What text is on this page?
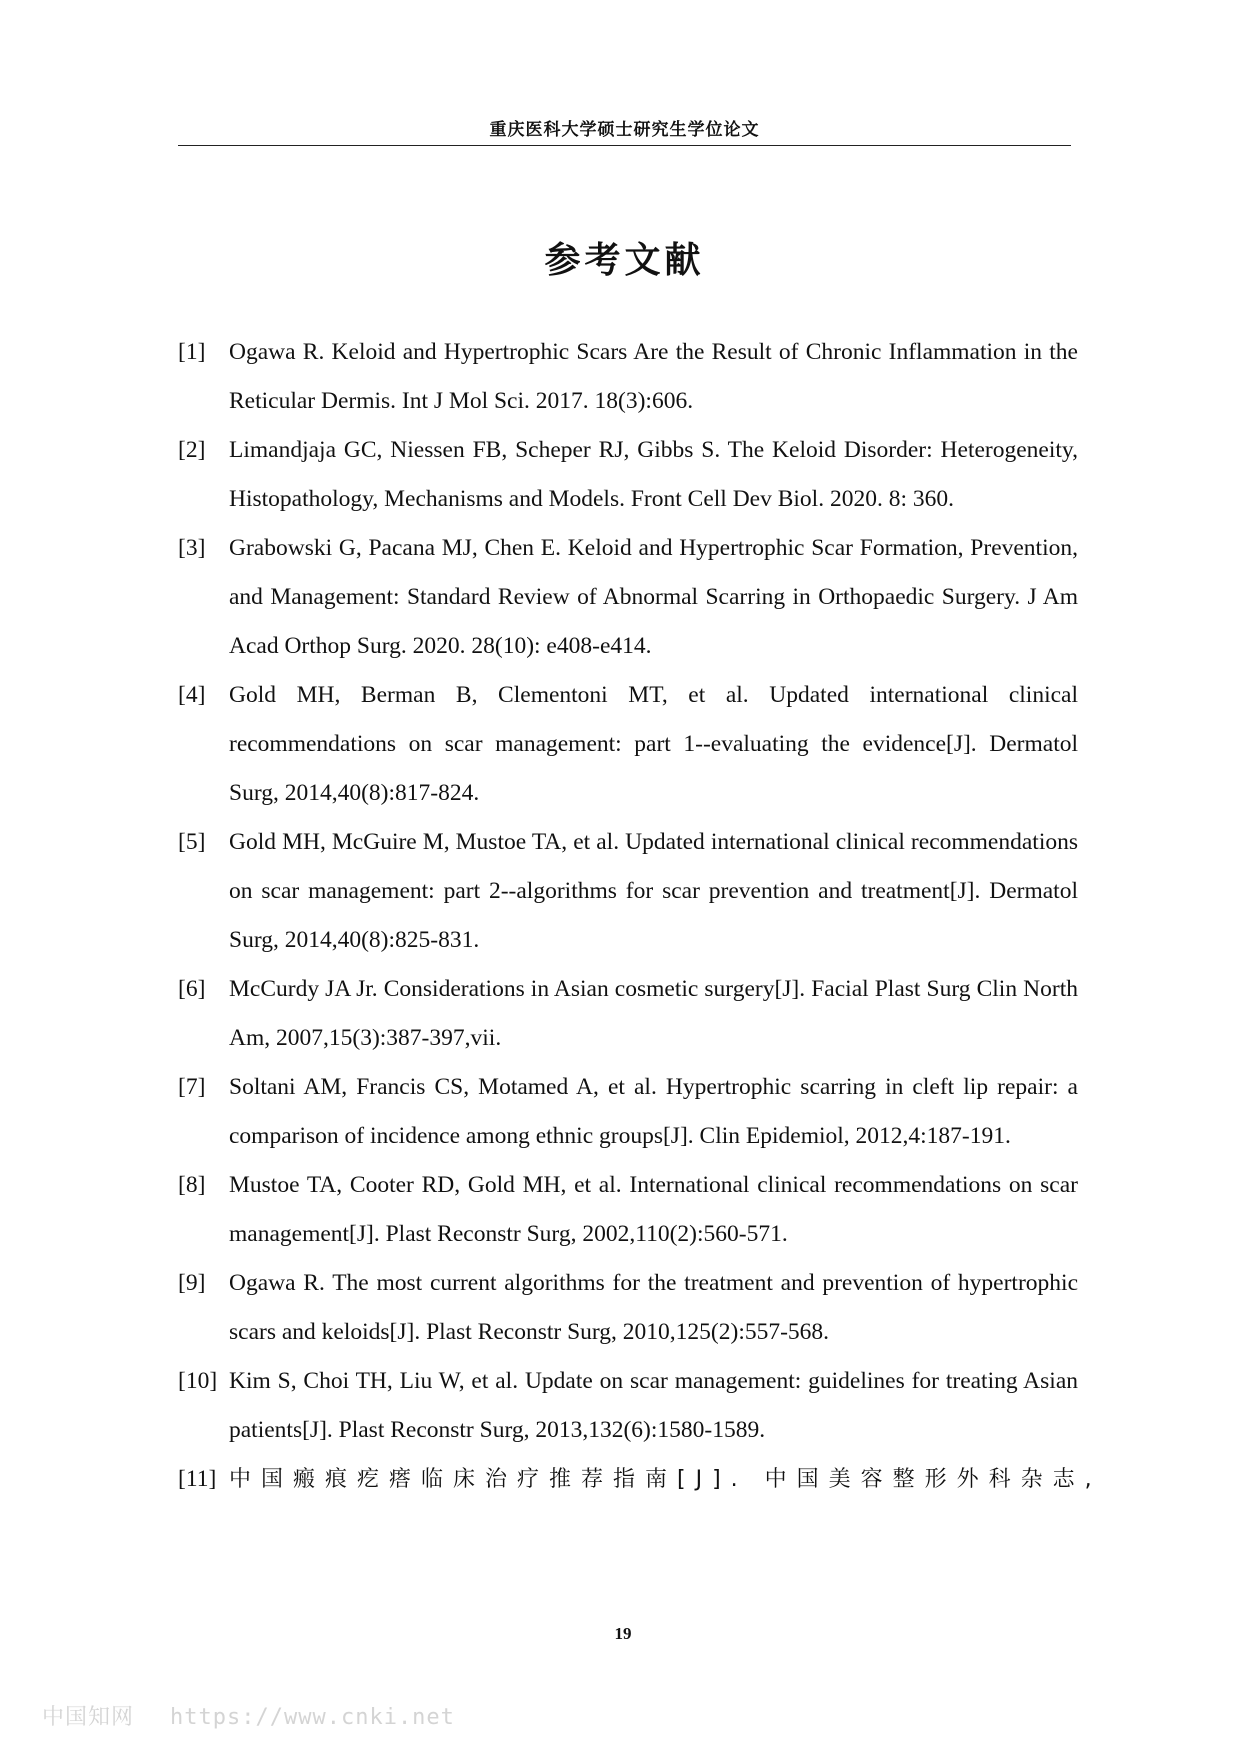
重庆医科大学硕士研究生学位论文
参考文献
[1] Ogawa R. Keloid and Hypertrophic Scars Are the Result of Chronic Inflammation in the Reticular Dermis. Int J Mol Sci. 2017. 18(3):606.
[2] Limandjaja GC, Niessen FB, Scheper RJ, Gibbs S. The Keloid Disorder: Heterogeneity, Histopathology, Mechanisms and Models. Front Cell Dev Biol. 2020. 8: 360.
[3] Grabowski G, Pacana MJ, Chen E. Keloid and Hypertrophic Scar Formation, Prevention, and Management: Standard Review of Abnormal Scarring in Orthopaedic Surgery. J Am Acad Orthop Surg. 2020. 28(10): e408-e414.
[4] Gold MH, Berman B, Clementoni MT, et al. Updated international clinical recommendations on scar management: part 1--evaluating the evidence[J]. Dermatol Surg, 2014,40(8):817-824.
[5] Gold MH, McGuire M, Mustoe TA, et al. Updated international clinical recommendations on scar management: part 2--algorithms for scar prevention and treatment[J]. Dermatol Surg, 2014,40(8):825-831.
[6] McCurdy JA Jr. Considerations in Asian cosmetic surgery[J]. Facial Plast Surg Clin North Am, 2007,15(3):387-397,vii.
[7] Soltani AM, Francis CS, Motamed A, et al. Hypertrophic scarring in cleft lip repair: a comparison of incidence among ethnic groups[J]. Clin Epidemiol, 2012,4:187-191.
[8] Mustoe TA, Cooter RD, Gold MH, et al. International clinical recommendations on scar management[J]. Plast Reconstr Surg, 2002,110(2):560-571.
[9] Ogawa R. The most current algorithms for the treatment and prevention of hypertrophic scars and keloids[J]. Plast Reconstr Surg, 2010,125(2):557-568.
[10] Kim S, Choi TH, Liu W, et al. Update on scar management: guidelines for treating Asian patients[J]. Plast Reconstr Surg, 2013,132(6):1580-1589.
[11] 中国瘢痕疙瘩临床治疗推荐指南[J]. 中国美容整形外科杂志,
19
中国知网 https://www.cnki.net
